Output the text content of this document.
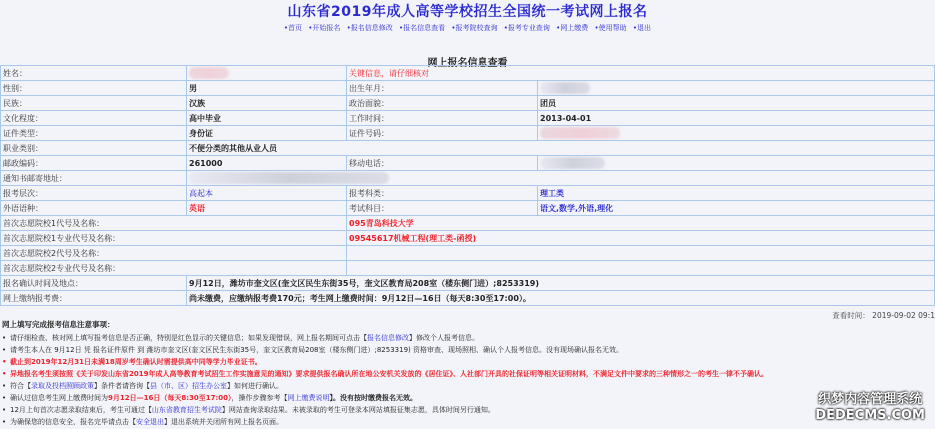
山东省2019年成人高等学校招生全国统一考试网上报名
•首页 •开始报名 •报名信息修改 •报名信息查看 •报考院校查询 •报考专业查询 •网上缴费 •使用帮助 •退出
网上报名信息查看
姓名：		关键信息，请仔细核对	
性别：	男	出生年月：	
民族：	汉族	政治面貌：	团员
文化程度：	高中毕业	工作时间：	2013-04-01
证件类型：	身份证	证件号码：	
职业类别：	不便分类的其他从业人员		
邮政编码：	261000	移动电话：	
通知书邮寄地址：			
报考层次：	高起本	报考科类：	理工类
外语语种：	英语	考试科目：	语文,数学,外语,理化
首次志愿院校1代号及名称：		095青岛科技大学	
首次志愿院校1专业代号及名称：		09545617机械工程(理工类-函授)	
首次志愿院校2代号及名称：			
首次志愿院校2专业代号及名称：			
报名确认时间及地点：	9月12日，潍坊市奎文区(奎文区民生东街35号，奎文区教育局208室（楼东侧门进）;8253319)		
网上缴纳报考费：	尚未缴费，应缴纳报考费170元；考生网上缴费时间：9月12日—16日（每天8:30至17:00）。		
查看时间： 2019-09-02 09:1
网上填写完成报考信息注意事项：
• 请仔细检查、核对网上填写报考信息是否正确，特别是红色显示的关键信息；如果发现错误，网上报名期间可点击【报名信息修改】修改个人报考信息。
• 请考生本人在 9月12日 凭 报名证件原件 到 潍坊市奎文区(奎文区民生东街35号，奎文区教育局208室（楼东侧门进）;8253319) 资格审查、现场照相、确认个人报考信息。没有现场确认报名无效。
• 截止到2019年12月31日未满18周岁考生确认时需提供高中同等学力毕业证书。
• 异地报名考生须按照《关于印发山东省2019年成人高等教育考试招生工作实施意见的通知》要求提供报名确认所在地公安机关发放的《居住证》、人社部门开具的社保证明等相关证明材料，不满足文件中要求的三种情形之一的考生一律不予确认。
• 符合【录取及投档照顾政策】条件者请咨询【县（市、区）招生办公室】如何进行确认。
• 确认过信息考生网上缴费时间为9月12日—16日（每天8:30至17:00），操作步骤参考【网上缴费说明】。没有按时缴费报名无效。
• 12月上旬首次志愿录取结束后，考生可通过【山东省教育招生考试院】网站查询录取结果。未被录取的考生可登录本网站填报征集志愿，具体时间另行通知。
• 为确保您的信息安全，报名完毕请点击【安全退出】退出系统并关闭所有网上报名页面。
织梦内容管理系统
DEDECMS.COM
